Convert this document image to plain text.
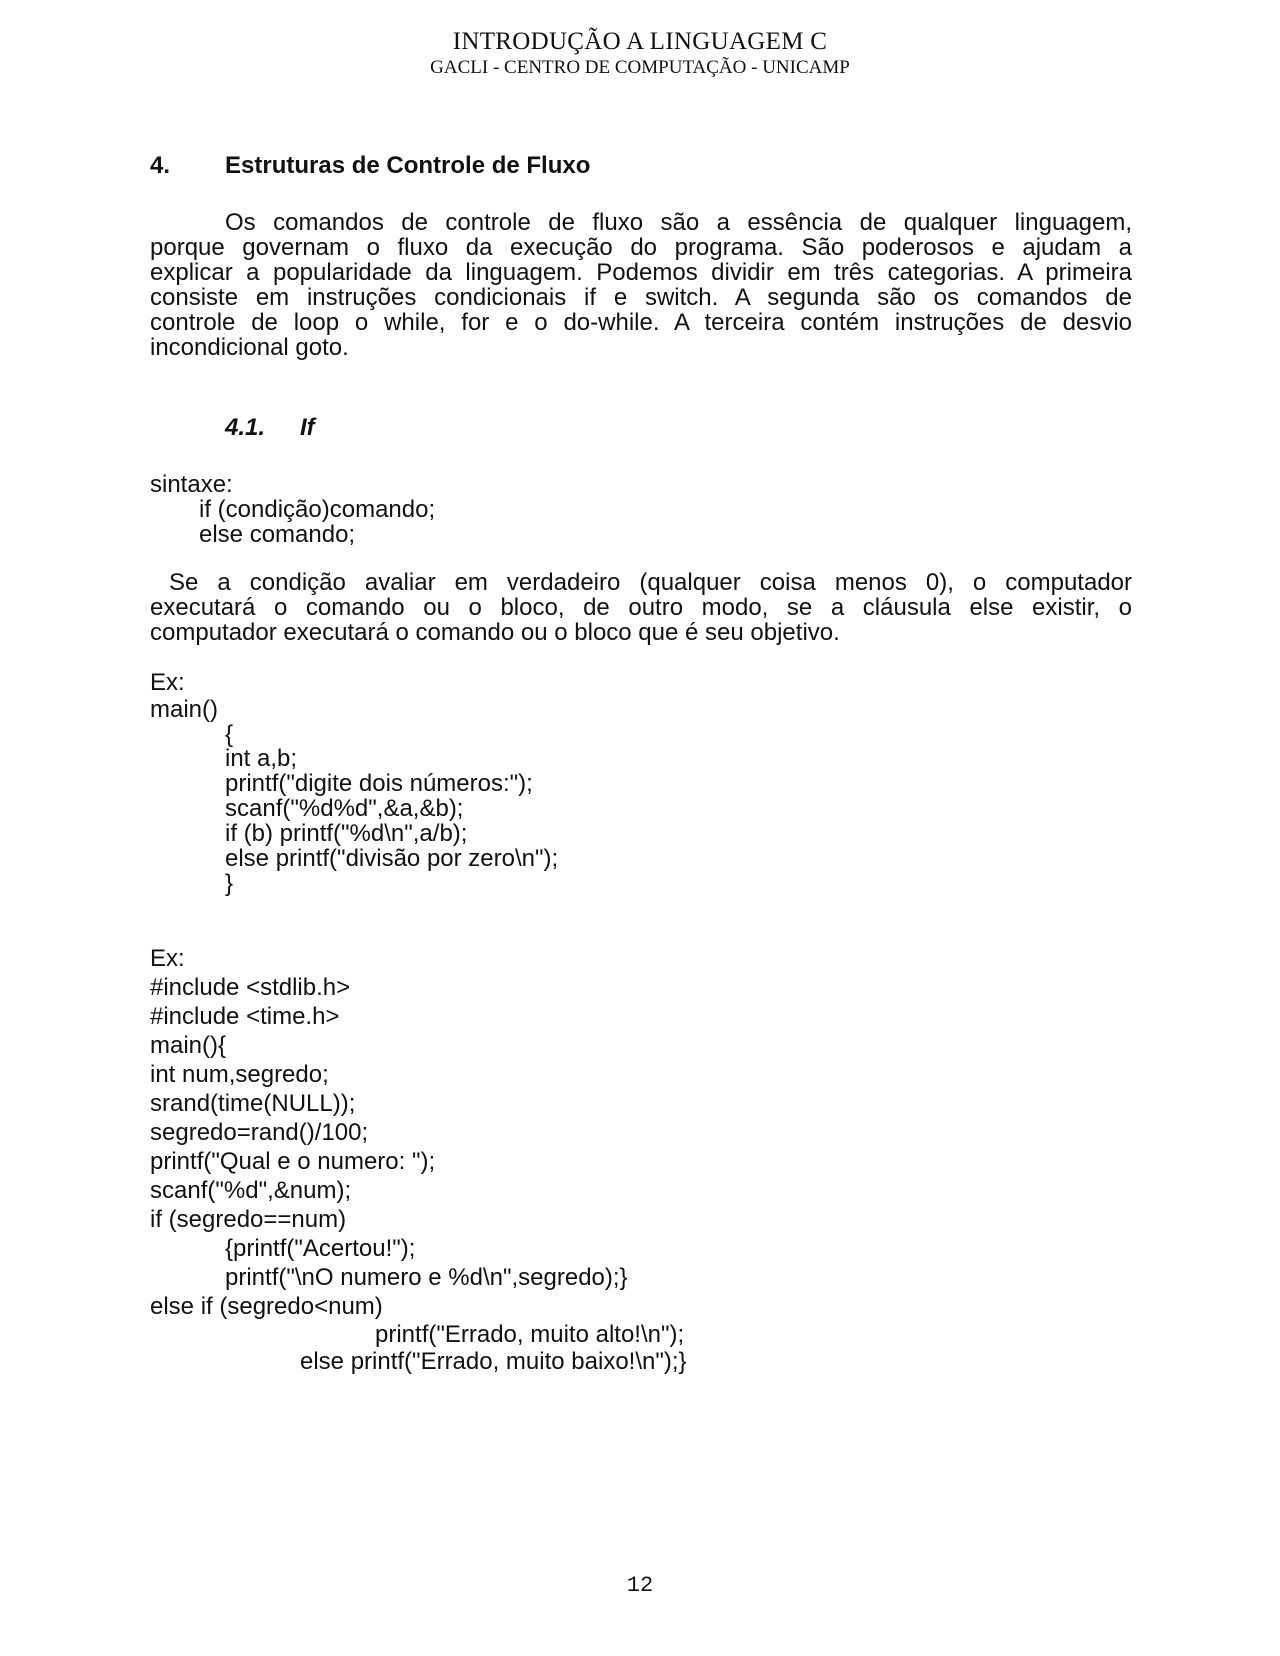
INTRODUÇÃO A LINGUAGEM C
GACLI - CENTRO DE COMPUTAÇÃO - UNICAMP
4. Estruturas de Controle de Fluxo
Os comandos de controle de fluxo são a essência de qualquer linguagem,
porque governam o fluxo da execução do programa. São poderosos e ajudam a
explicar a popularidade da linguagem. Podemos dividir em três categorias. A primeira
consiste em instruções condicionais if e switch. A segunda são os comandos de
controle de loop o while, for e o do-while. A terceira contém instruções de desvio
incondicional goto.
4.1. If
sintaxe:
if (condição)comando;
else comando;
Se a condição avaliar em verdadeiro (qualquer coisa menos 0), o computador
executará o comando ou o bloco, de outro modo, se a cláusula else existir, o
computador executará o comando ou o bloco que é seu objetivo.
Ex:
main()
{
int a,b;
printf("digite dois números:");
scanf("%d%d",&a,&b);
if (b) printf("%d\n",a/b);
else printf("divisão por zero\n");
}
Ex:
#include <stdlib.h>
#include <time.h>
main(){
int num,segredo;
srand(time(NULL));
segredo=rand()/100;
printf("Qual e o numero: ");
scanf("%d",&num);
if (segredo==num)
{printf("Acertou!");
printf("\nO numero e %d\n",segredo);}
else if (segredo<num)
printf("Errado, muito alto!\n");
else printf("Errado, muito baixo!\n");}
12
